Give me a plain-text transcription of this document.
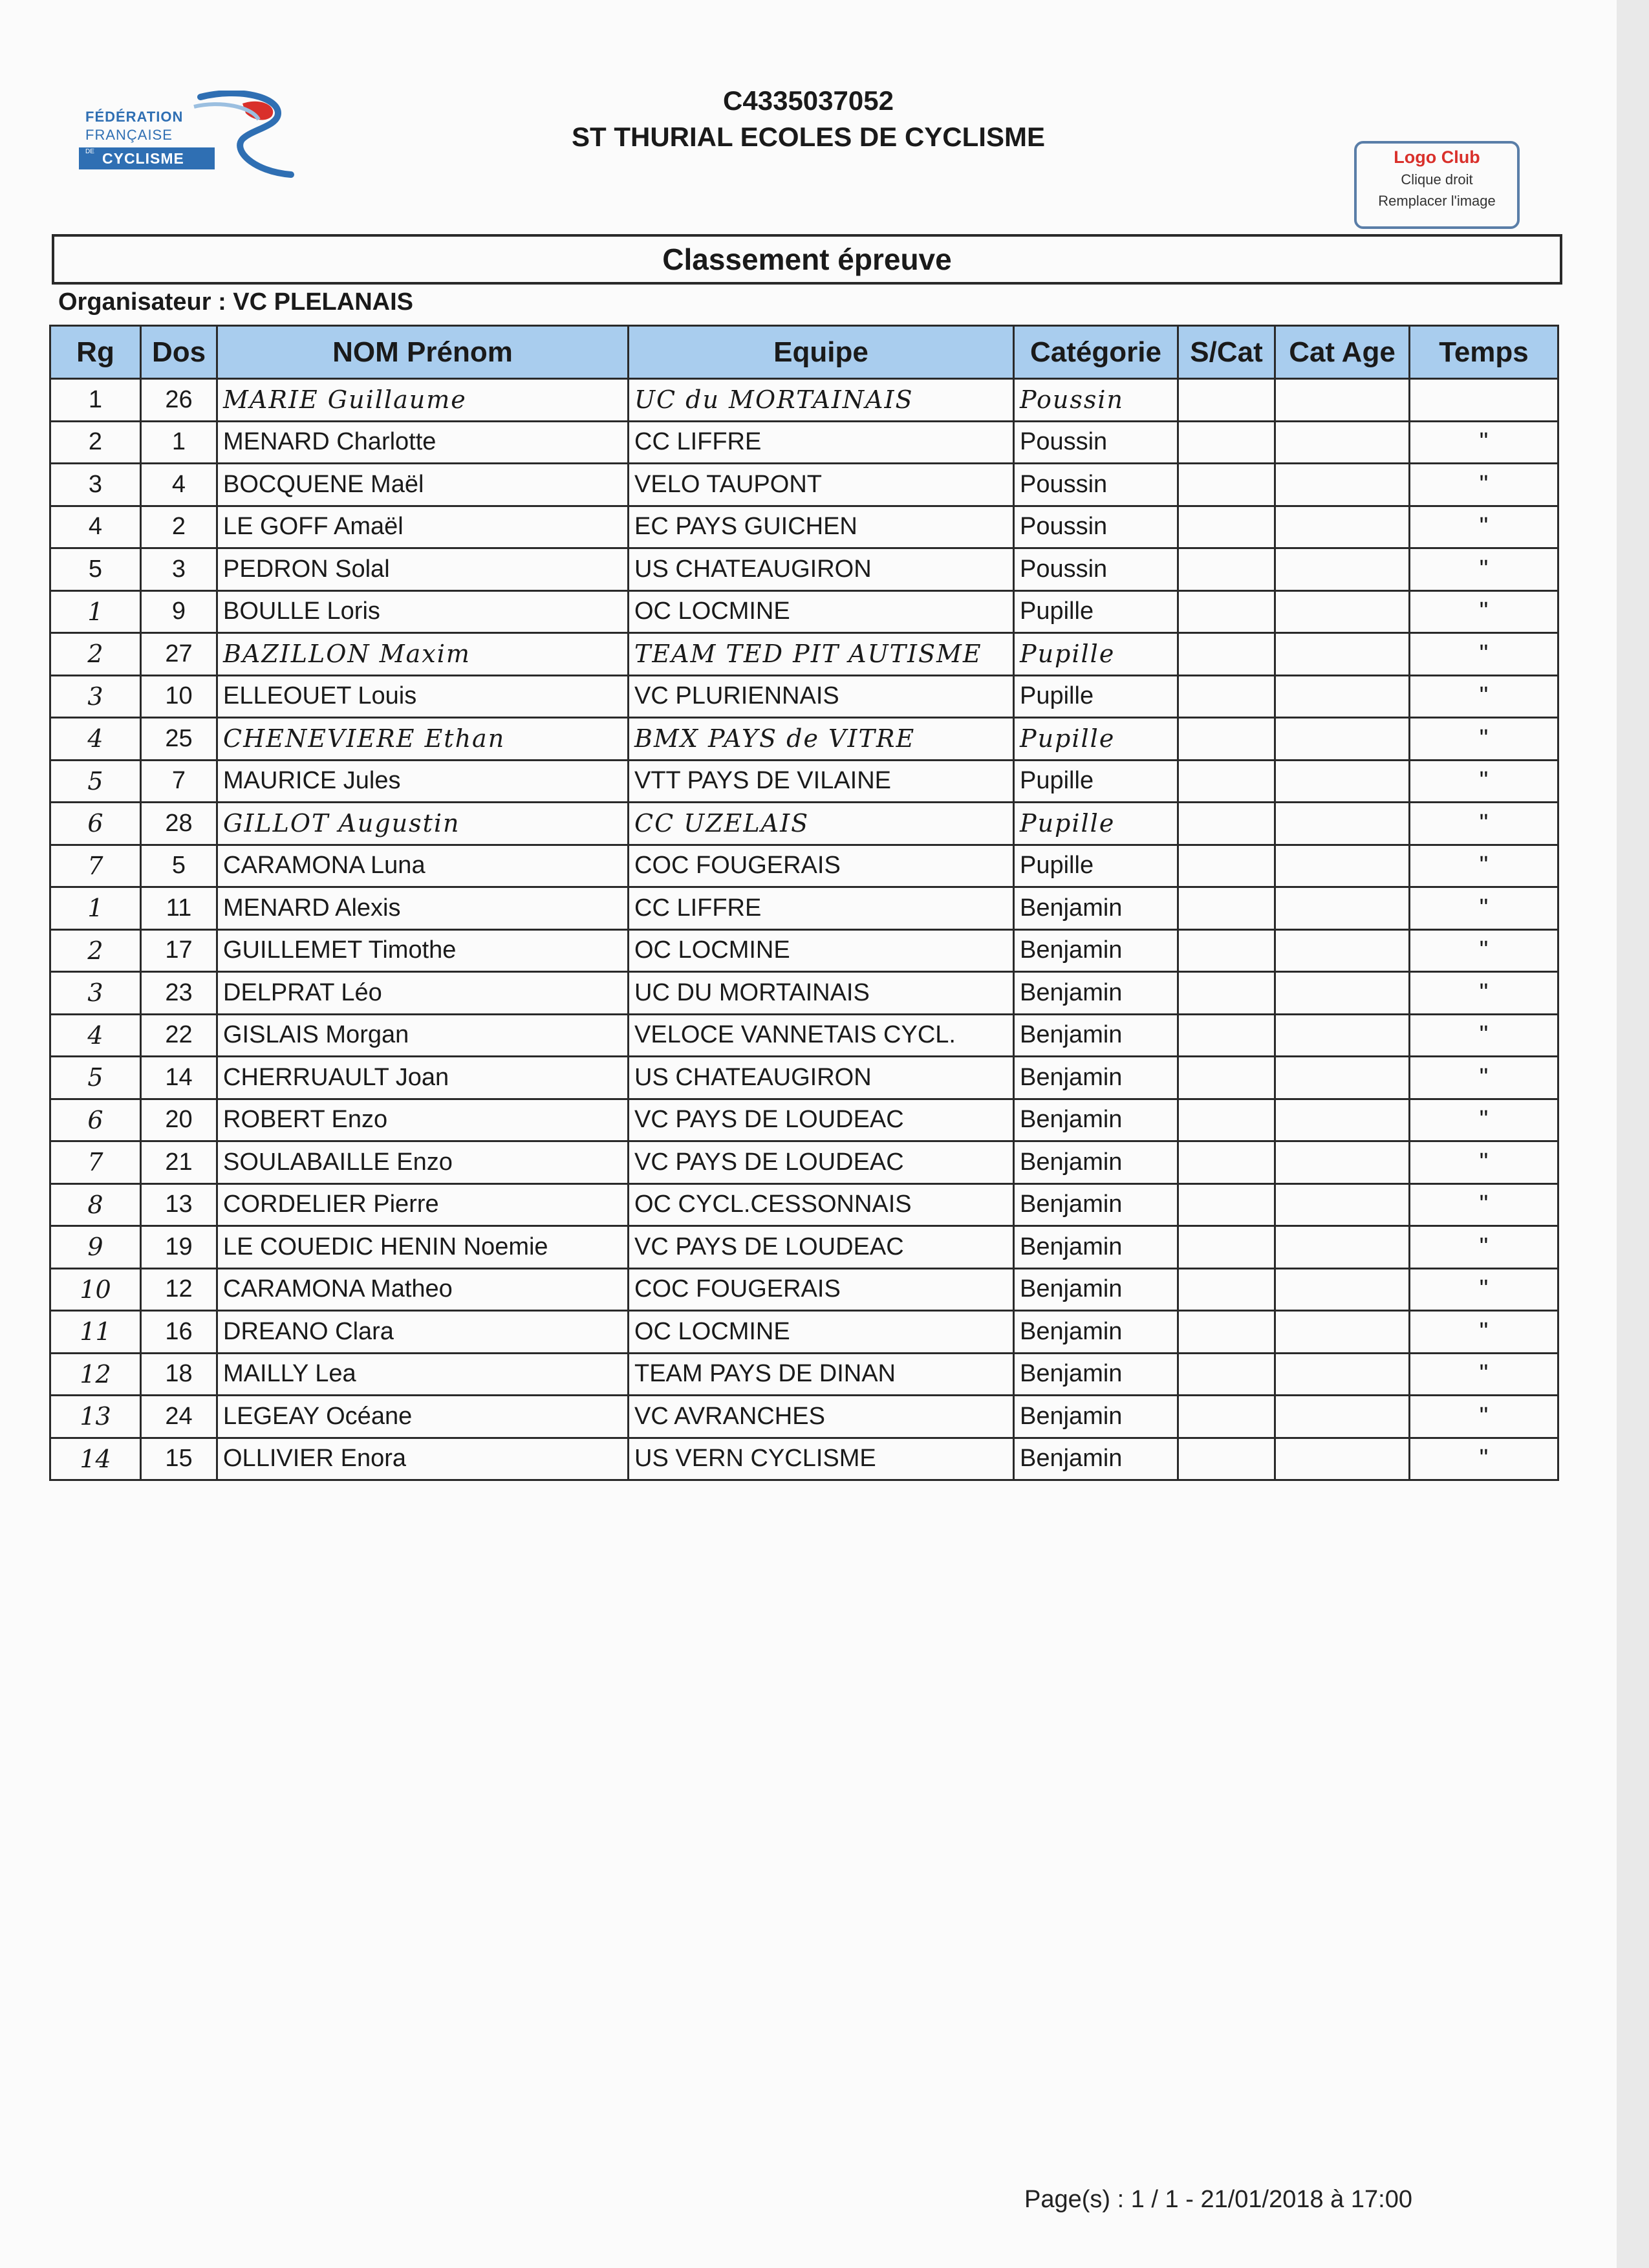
FÉDÉRATION
FRANÇAISE
DE CYCLISME
C4335037052
ST THURIAL ECOLES DE CYCLISME
Logo Club
Clique droit
Remplacer l'image
Classement épreuve
Organisateur : VC PLELANAIS
Rg	Dos	NOM Prénom	Equipe	Catégorie	S/Cat	Cat Age	Temps
1	26	MARIE Guillaume	UC du MORTAINAIS	Poussin			
2	1	MENARD Charlotte	CC LIFFRE	Poussin			"
3	4	BOCQUENE Maël	VELO TAUPONT	Poussin			"
4	2	LE GOFF Amaël	EC PAYS GUICHEN	Poussin			"
5	3	PEDRON Solal	US CHATEAUGIRON	Poussin			"
1	9	BOULLE Loris	OC LOCMINE	Pupille			"
2	27	BAZILLON Maxim	TEAM TED PIT AUTISME	Pupille			"
3	10	ELLEOUET Louis	VC PLURIENNAIS	Pupille			"
4	25	CHENEVIERE Ethan	BMX PAYS de VITRE	Pupille			"
5	7	MAURICE Jules	VTT PAYS DE VILAINE	Pupille			"
6	28	GILLOT Augustin	CC UZELAIS	Pupille			"
7	5	CARAMONA Luna	COC FOUGERAIS	Pupille			"
1	11	MENARD Alexis	CC LIFFRE	Benjamin			"
2	17	GUILLEMET Timothe	OC LOCMINE	Benjamin			"
3	23	DELPRAT Léo	UC DU MORTAINAIS	Benjamin			"
4	22	GISLAIS Morgan	VELOCE VANNETAIS CYCL.	Benjamin			"
5	14	CHERRUAULT Joan	US CHATEAUGIRON	Benjamin			"
6	20	ROBERT Enzo	VC PAYS DE LOUDEAC	Benjamin			"
7	21	SOULABAILLE Enzo	VC PAYS DE LOUDEAC	Benjamin			"
8	13	CORDELIER Pierre	OC CYCL.CESSONNAIS	Benjamin			"
9	19	LE COUEDIC HENIN Noemie	VC PAYS DE LOUDEAC	Benjamin			"
10	12	CARAMONA Matheo	COC FOUGERAIS	Benjamin			"
11	16	DREANO Clara	OC LOCMINE	Benjamin			"
12	18	MAILLY Lea	TEAM PAYS DE DINAN	Benjamin			"
13	24	LEGEAY Océane	VC AVRANCHES	Benjamin			"
14	15	OLLIVIER Enora	US VERN CYCLISME	Benjamin			"
Page(s) : 1 / 1 - 21/01/2018 à 17:00
